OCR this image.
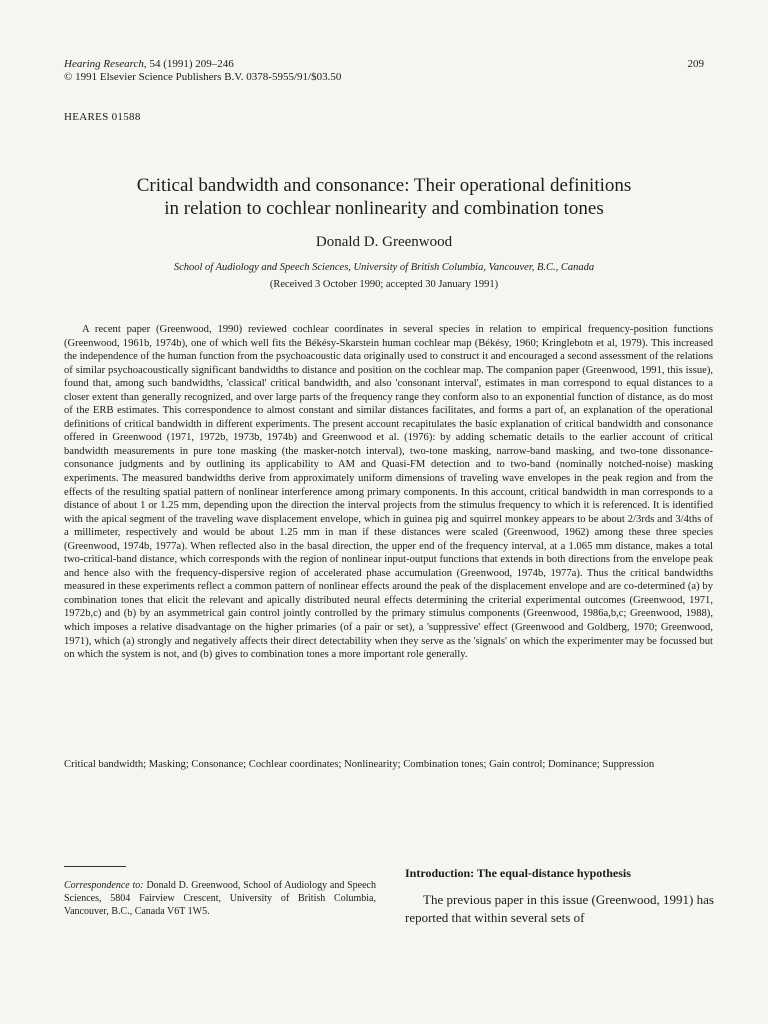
Hearing Research, 54 (1991) 209–246
© 1991 Elsevier Science Publishers B.V. 0378-5955/91/$03.50
209
HEARES 01588
Critical bandwidth and consonance: Their operational definitions
in relation to cochlear nonlinearity and combination tones
Donald D. Greenwood
School of Audiology and Speech Sciences, University of British Columbia, Vancouver, B.C., Canada
(Received 3 October 1990; accepted 30 January 1991)
A recent paper (Greenwood, 1990) reviewed cochlear coordinates in several species in relation to empirical frequency-position functions (Greenwood, 1961b, 1974b), one of which well fits the Békésy-Skarstein human cochlear map (Békésy, 1960; Kringlebotn et al, 1979). This increased the independence of the human function from the psychoacoustic data originally used to construct it and encouraged a second assessment of the relations of similar psychoacoustically significant bandwidths to distance and position on the cochlear map. The companion paper (Greenwood, 1991, this issue), found that, among such bandwidths, 'classical' critical bandwidth, and also 'consonant interval', estimates in man correspond to equal distances to a closer extent than generally recognized, and over large parts of the frequency range they conform also to an exponential function of distance, as do most of the ERB estimates. This correspondence to almost constant and similar distances facilitates, and forms a part of, an explanation of the operational definitions of critical bandwidth in different experiments. The present account recapitulates the basic explanation of critical bandwidth and consonance offered in Greenwood (1971, 1972b, 1973b, 1974b) and Greenwood et al. (1976): by adding schematic details to the earlier account of critical bandwidth measurements in pure tone masking (the masker-notch interval), two-tone masking, narrow-band masking, and two-tone dissonance-consonance judgments and by outlining its applicability to AM and Quasi-FM detection and to two-band (nominally notched-noise) masking experiments. The measured bandwidths derive from approximately uniform dimensions of traveling wave envelopes in the peak region and from the effects of the resulting spatial pattern of nonlinear interference among primary components. In this account, critical bandwidth in man corresponds to a distance of about 1 or 1.25 mm, depending upon the direction the interval projects from the stimulus frequency to which it is referenced. It is identified with the apical segment of the traveling wave displacement envelope, which in guinea pig and squirrel monkey appears to be about 2/3rds and 3/4ths of a millimeter, respectively and would be about 1.25 mm in man if these distances were scaled (Greenwood, 1962) among these three species (Greenwood, 1974b, 1977a). When reflected also in the basal direction, the upper end of the frequency interval, at a 1.065 mm distance, makes a total two-critical-band distance, which corresponds with the region of nonlinear input-output functions that extends in both directions from the envelope peak and hence also with the frequency-dispersive region of accelerated phase accumulation (Greenwood, 1974b, 1977a). Thus the critical bandwidths measured in these experiments reflect a common pattern of nonlinear effects around the peak of the displacement envelope and are co-determined (a) by combination tones that elicit the relevant and apically distributed neural effects determining the criterial experimental outcomes (Greenwood, 1971, 1972b,c) and (b) by an asymmetrical gain control jointly controlled by the primary stimulus components (Greenwood, 1986a,b,c; Greenwood, 1988), which imposes a relative disadvantage on the higher primaries (of a pair or set), a 'suppressive' effect (Greenwood and Goldberg, 1970; Greenwood, 1971), which (a) strongly and negatively affects their direct detectability when they serve as the 'signals' on which the experimenter may be focussed but on which the system is not, and (b) gives to combination tones a more important role generally.
Critical bandwidth; Masking; Consonance; Cochlear coordinates; Nonlinearity; Combination tones; Gain control; Dominance; Suppression
Correspondence to: Donald D. Greenwood, School of Audiology and Speech Sciences, 5804 Fairview Crescent, University of British Columbia, Vancouver, B.C., Canada V6T 1W5.
Introduction: The equal-distance hypothesis
The previous paper in this issue (Greenwood, 1991) has reported that within several sets of
